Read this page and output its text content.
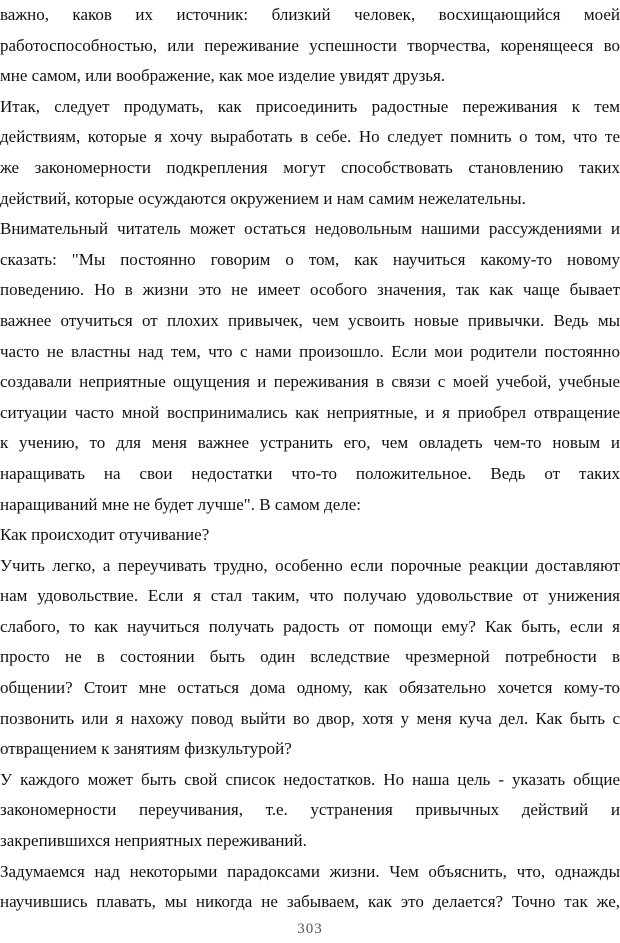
важно, каков их источник: близкий человек, восхищающийся моей
работоспособностью, или переживание успешности творчества, коренящееся во
мне самом, или воображение, как мое изделие увидят друзья.
Итак, следует продумать, как присоединить радостные переживания к тем
действиям, которые я хочу выработать в себе. Но следует помнить о том, что те
же закономерности подкрепления могут способствовать становлению таких
действий, которые осуждаются окружением и нам самим нежелательны.
Внимательный читатель может остаться недовольным нашими рассуждениями и
сказать: "Мы постоянно говорим о том, как научиться какому-то новому
поведению. Но в жизни это не имеет особого значения, так как чаще бывает
важнее отучиться от плохих привычек, чем усвоить новые привычки. Ведь мы
часто не властны над тем, что с нами произошло. Если мои родители постоянно
создавали неприятные ощущения и переживания в связи с моей учебой, учебные
ситуации часто мной воспринимались как неприятные, и я приобрел отвращение
к учению, то для меня важнее устранить его, чем овладеть чем-то новым и
наращивать на свои недостатки что-то положительное. Ведь от таких
наращиваний мне не будет лучше". В самом деле:
Как происходит отучивание?
Учить легко, а переучивать трудно, особенно если порочные реакции доставляют
нам удовольствие. Если я стал таким, что получаю удовольствие от унижения
слабого, то как научиться получать радость от помощи ему? Как быть, если я
просто не в состоянии быть один вследствие чрезмерной потребности в
общении? Стоит мне остаться дома одному, как обязательно хочется кому-то
позвонить или я нахожу повод выйти во двор, хотя у меня куча дел. Как быть с
отвращением к занятиям физкультурой?
У каждого может быть свой список недостатков. Но наша цель - указать общие
закономерности переучивания, т.е. устранения привычных действий и
закрепившихся неприятных переживаний.
Задумаемся над некоторыми парадоксами жизни. Чем объяснить, что, однажды
научившись плавать, мы никогда не забываем, как это делается? Точно так же,
303
